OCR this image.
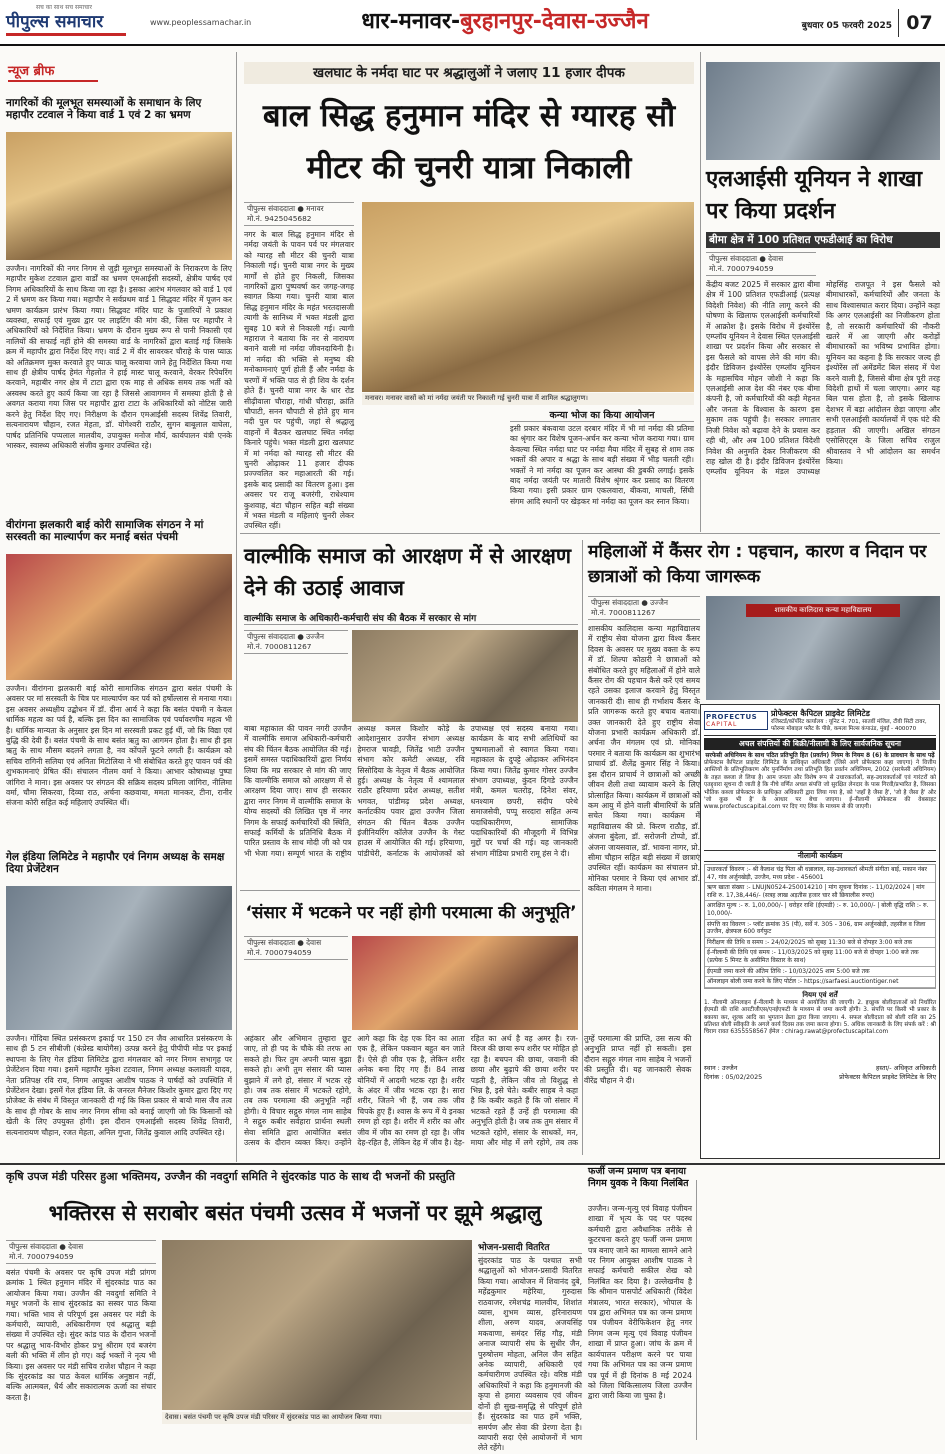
सच का साथ सच समाचार
पीपुल्स समाचार	www.peoplessamachar.in	धार-मनावर-बुरहानपुर-देवास-उज्जैन	बुधवार 05 फरवरी 2025 07
न्यूज ब्रीफ
नागरिकों की मूलभूत समस्याओं के समाधान के लिए महापौर टटवाल ने किया वार्ड 1 एवं 2 का भ्रमण
उज्जैन। नागरिकों की नगर निगम से जुड़ी मूलभूत समस्याओं के निराकरण के लिए महापौर मुकेश टटवाल द्वारा वार्डों का भ्रमण एमआईसी सदस्यों, क्षेत्रीय पार्षद एवं निगम अधिकारियों के साथ किया जा रहा है। इसका आरंभ मंगलवार को वार्ड 1 एवं 2 में भ्रमण कर किया गया। महापौर ने सर्वप्रथम वार्ड 1 सिद्धवट मंदिर में पूजन कर भ्रमण कार्यक्रम प्रारंभ किया गया। सिद्धवट मंदिर घाट के पुजारियों ने प्रकाश व्यवस्था, सफाई एवं मुख्य द्वार पर लाइटिंग की मांग की, जिस पर महापौर ने अधिकारियों को निर्देशित किया। भ्रमण के दौरान मुख्य रूप से पानी निकासी एवं नालियों की सफाई नहीं होने की समस्या वार्ड के नागरिकों द्वारा बताई गई जिसके क्रम में महापौर द्वारा निर्देश दिए गए। वार्ड 2 में वीर सावरकर चौराहे के पास प्याऊ को अतिक्रमण मुक्त करवाते हुए प्याऊ चालू करवाया जाने हेतु निर्देशित किया गया साथ ही क्षेत्रीय पार्षद हेमंत गेहलोत ने हाई मास्ट चालू करवाने, वेरकर रिपेयरिंग करवाने, महाबीर नगर क्षेत्र में टाटा द्वारा एक माह से अधिक समय तक भर्ती को अस्वस्थ करते हुए कार्य किया जा रहा है जिससे आवागमन में समस्या होती है से अवगत कराया गया जिस पर महापौर द्वारा टाटा के अधिकारियों को नोटिस जारी करने हेतु निर्देश दिए गए। निरीक्षण के दौरान एमआईसी सदस्य शिवेंद्र तिवारी, सत्यनारायण चौहान, रजत मेहता, डॉ. योगेश्वरी राठौर, सुगन बाबूलाल वाघेला, पार्षद प्रतिनिधि पप्पलाल मालवीय, उपायुक्त मनोज मौर्य, कार्यपालन यंत्री एनके भास्कर, स्वास्थ्य अधिकारी संजीव कुमार उपस्थित रहे।
वीरांगना झलकारी बाई कोरी सामाजिक संगठन ने मां सरस्वती का माल्यार्पण कर मनाई बसंत पंचमी
उज्जैन। वीरांगना झलकारी बाई कोरी सामाजिक संगठन द्वारा बसंत पंचमी के अवसर पर मां सरस्वती के चित्र पर माल्यार्पण कर पर्व को हर्षोल्लास से मनाया गया। इस अवसर अध्यक्षीय उद्बोधन में डॉ. दीना आर्य ने कहा कि बसंत पंचमी न केवल धार्मिक महत्व का पर्व है, बल्कि इस दिन का सामाजिक एवं पर्यावरणीय महत्व भी है। धार्मिक मान्यता के अनुसार इस दिन मां सरस्वती प्रकट हुई थीं, जो कि विद्या एवं बुद्धि की देवी हैं। बसंत पंचमी के साथ बसंत ऋतु का आगमन होता है। साथ ही इस ऋतु के साथ मौसम बदलने लगता है, नव कोंपलें फूटने लगती हैं। कार्यक्रम को सचिव रागिनी सलिया एवं अनिता मिटोलिया ने भी संबोधित करते हुए पावन पर्व की शुभकामनाएं प्रेषित कीं। संचालन नीलम वर्मा ने किया। आभार कोषाध्यक्ष पुष्पा जांगिरा ने माना। इस अवसर पर संगठन की सक्रिय सदस्य प्रमिला जांगिरा, नीलिमा वर्मा, चौमा सिकरवा, दिव्या राठ, अर्चना कछवाया, ममता मानकर, टीना, रानीर संजना कोरी सहित कई महिलाएं उपस्थित थीं।
गेल इंडिया लिमिटेड ने महापौर एवं निगम अध्यक्ष के समक्ष दिया प्रेजेंटेशन
उज्जैन। गोंदिया स्थित प्रसंस्करण इकाई पर 150 टन जैव आधारित प्रसंस्करण के साथ ही 5 टन सीबीजी (कंप्रेस्ड बायोगैस) उत्पन्न करने हेतु पीपीपी मोड पर इकाई स्थापना के लिए गेल इंडिया लिमिटेड द्वारा मंगलवार को नगर निगम सभागृह पर प्रेजेंटेशन दिया गया। इसमें महापौर मुकेश टटवाल, निगम अध्यक्ष कलावती यादव, नेता प्रतिपक्ष रवि राय, निगम आयुक्त आशीष पाठक ने पार्षदों को उपस्थिति में प्रेजेंटेशन देखा। इसमें गेल इंडिया लि. के जनरल मैनेजर किशोर कुमार द्वारा दिए गए प्रोजेक्ट के संबंध में विस्तृत जानकारी दी गई कि किस प्रकार से बायो मास जैव तत्व के साथ ही गोबर के साथ नगर निगम सीमा को बनाई जाएगी जो कि किसानों को खेती के लिए उपयुक्त होगी। इस दौरान एमआईसी सदस्य शिवेंद्र तिवारी, सत्यनारायण चौहान, रजत मेहता, अनिल गुप्ता, जितेंद्र कुवाल आदि उपस्थित रहे।
खलघाट के नर्मदा घाट पर श्रद्धालुओं ने जलाए 11 हजार दीपक
बाल सिद्ध हनुमान मंदिर से ग्यारह सौ मीटर की चुनरी यात्रा निकाली
पीपुल्स संवाददाता ● मनावर
मो.नं. 9425045682
नगर के बाल सिद्ध हनुमान मंदिर से नर्मदा जयंती के पावन पर्व पर मंगलवार को ग्यारह सौ मीटर की चुनरी यात्रा निकाली गई। चुनरी यात्रा नगर के मुख्य मार्गों से होते हुए निकली, जिसका नागरिकों द्वारा पुष्पवर्षा कर जगह-जगह स्वागत किया गया। चुनरी यात्रा बाल सिद्ध हनुमान मंदिर के महंत भरतदासजी त्यागी के सानिध्य में भक्त मंडली द्वारा सुबह 10 बजे से निकाली गई। त्यागी महाराज ने बताया कि नर से नारायण बनाने वाली मां नर्मदा जीवनदायिनी है। मां नर्मदा की भक्ति से मनुष्य की मनोकामनाएं पूर्ण होती हैं और नर्मदा के चरणों में भक्ति पाठ से ही शिव के दर्शन होते हैं। चुनरी यात्रा नगर के धार रोड सीढ़ीवाला चौराहा, गांधी चौराहा, क्रांति चौपाटी, सनन चौपाटी से होते हुए मान नदी पुल पर पहुंची, जहां से श्रद्धालु वाहनों में बैठकर खलघाट स्थित नर्मदा किनारे पहुंचे। भक्त मंडली द्वारा खलघाट में मां नर्मदा को ग्यारह सौ मीटर की चुनरी ओढ़ाकर 11 हजार दीपक प्रज्ज्वलित कर महाआरती की गई। इसके बाद प्रसादी का वितरण हुआ। इस अवसर पर राजू बजरंगी, राधेश्याम कुशवाह, बंटा चौहान सहित बड़ी संख्या में भक्त मंडली व महिलाएं चुनरी लेकर उपस्थित रहीं।
मनावर। मनावर वासों को मां नर्मदा जयंती पर निकाली गई चुनरी यात्रा में शामिल श्रद्धालुगण।
कन्या भोज का किया आयोजन
इसी प्रकार बंकवाया उटल दरबार मंदिर में भी मां नर्मदा की प्रतिमा का श्रृंगार कर विशेष पूजन-अर्चन कर कन्या भोज कराया गया। ग्राम केवल्या स्थित नर्मदा घाट पर नर्मदा मैया मंदिर में सुबह से शाम तक भक्तों की अपार व श्रद्धा के साथ बड़ी संख्या में भीड़ चलती रही। भक्तों ने मां नर्मदा का पूजन कर आस्था की डुबकी लगाई। इसके बाद नर्मदा जयंती पर मातारी विशेष श्रृंगार कर प्रसाद का वितरण किया गया। इसी प्रकार ग्राम एकलवारा, बीकवा, माचली, सिंघी संगम आदि स्थानों पर खेड़कर मां नर्मदा का पूजन कर स्नान किया।
एलआईसी यूनियन ने शाखा पर किया प्रदर्शन
बीमा क्षेत्र में 100 प्रतिशत एफडीआई का विरोध
पीपुल्स संवाददाता ● देवास
मो.नं. 7000794059
केंद्रीय बजट 2025 में सरकार द्वारा बीमा क्षेत्र में 100 प्रतिशत एफडीआई (प्रत्यक्ष विदेशी निवेश) की नीति लागू करने की घोषणा के खिलाफ एलआईसी कर्मचारियों में आक्रोश है। इसके विरोध में इंश्योरेंस एम्प्लॉय यूनियन ने देवास स्थित एलआईसी शाखा पर प्रदर्शन किया और सरकार से इस फैसले को वापस लेने की मांग की। इंदौर डिविजन इंश्योरेंस एम्प्लॉय यूनियन के महासचिव मोहन जोशी ने कहा कि एलआईसी आज देश की नंबर एक बीमा कंपनी है, जो कर्मचारियों की कड़ी मेहनत और जनता के विश्वास के कारण इस मुकाम तक पहुंची है। सरकार लगातार निजी निवेश को बढ़ावा देने के प्रयास कर रही थी, और अब 100 प्रतिशत विदेशी निवेश की अनुमति देकर निजीकरण की राह खोल दी है। इंदौर डिविजन इंश्योरेंस एम्प्लॉय यूनियन के मंडल उपाध्यक्ष मोहसिंह राजपूत ने इस फैसले को बीमाधारकों, कर्मचारियों और जनता के साथ विश्वासघात करार दिया। उन्होंने कहा कि अगर एलआईसी का निजीकरण होता है, तो सरकारी कर्मचारियों की नौकरी खतरे में आ जाएगी और करोड़ों बीमाधारकों का भविष्य प्रभावित होगा। यूनियन का कहना है कि सरकार जल्द ही इंश्योरेंस लॉ अमेंडमेंट बिल संसद में पेश करने वाली है, जिससे बीमा क्षेत्र पूरी तरह विदेशी हाथों में चला जाएगा। अगर यह बिल पास होता है, तो इसके खिलाफ देशभर में बड़ा आंदोलन छेड़ा जाएगा और सभी एलआईसी कार्यालयों में एक घंटे की हड़ताल की जाएगी। अखिल संगठन एसोसिएट्स के जिला सचिव राजुल श्रीवास्तव ने भी आंदोलन का समर्थन किया।
वाल्मीकि समाज को आरक्षण में से आरक्षण देने की उठाई आवाज
वाल्मीकि समाज के अधिकारी-कर्मचारी संघ की बैठक में सरकार से मांग
पीपुल्स संवाददाता ● उज्जैन
मो.नं. 7000811267
बाबा महाकाल की पावन नगरी उज्जैन में वाल्मीकि समाज अधिकारी-कर्मचारी संघ की चिंतन बैठक आयोजित की गई। इसमें समस्त पदाधिकारियों द्वारा निर्णय लिया कि मप्र सरकार से मांग की जाए कि वाल्मीकि समाज को आरक्षण में से आरक्षण दिया जाए। साथ ही सरकार द्वारा नगर निगम में वाल्मीकि समाज के योग्य सदस्यों की लिखित पृष्ठ में नगर निगम के सफाई कर्मचारियों की स्थिति, सफाई कर्मियों के प्रतिनिधि बैठक में पारित प्रस्ताव के साथ मोदी जी को पत्र भी भेजा गया। सम्पूर्ण भारत के राष्ट्रीय अध्यक्ष कमल किशोर कोड़े के आदेशानुसार उज्जैन संभाग अध्यक्ष हेमराज चावड़ी, जितेंद्र भाटी उज्जैन संभाग कोर कमेटी अध्यक्ष, रवि सिसोदिया के नेतृत्व में बैठक आयोजित हुई। अध्यक्ष के नेतृत्व में श्यामलाल राठौर हरियाणा प्रदेश अध्यक्ष, सतीश भगवत, पांडीमढ़ प्रदेश अध्यक्ष, कर्नाटकीय पवार द्वारा उज्जैन जिला संगठन की चिंतन बैठक उज्जैन इंजीनियरिंग कॉलेज उज्जैन के गेस्ट हाउस में आयोजित की गई। हरियाणा, पांडीचेरी, कर्नाटक के आयोजकों को उपाध्यक्ष एवं सदस्य बनाया गया। कार्यक्रम के बाद सभी अतिथियों का पुष्पमालाओं से स्वागत किया गया। महाकाल के दुपट्टे ओढ़ाकर अभिनंदन किया गया। जितेंद्र कुमार गोसर उज्जैन संभाग उपाध्यक्ष, कुंदन दिगडे उज्जैन मंत्री, कमल चतरोड़, दिनेश संवर, धनश्याम छपरी, संदीप परेथे समाजसेवी, पप्पू सरदारा सहित अन्य पदाधिकारीगण, सामाजिक पदाधिकारियों की मौजूदगी में विभिन्न मुद्दों पर चर्चा की गई। यह जानकारी संभाग मीडिया प्रभारी रामू हंस ने दी।
महिलाओं में कैंसर रोग : पहचान, कारण व निदान पर छात्राओं को किया जागरूक
पीपुल्स संवाददाता ● उज्जैन
मो.नं. 7000811267	शासकीय कालिदास कन्या महाविद्यालय
शासकीय कालिदास कन्या महाविद्यालय में राष्ट्रीय सेवा योजना द्वारा विश्व कैंसर दिवस के अवसर पर मुख्य वक्ता के रूप में डॉ. शिल्पा कोठारी ने छात्राओं को संबोधित करते हुए महिलाओं में होने वाले कैंसर रोग की पहचान कैसे करें एवं समय रहते उसका इलाज करवाने हेतु विस्तृत जानकारी दी। साथ ही गर्भाशय कैंसर के प्रति जागरूक करते हुए बचाव बताया। उक्त जानकारी देते हुए राष्ट्रीय सेवा योजना प्रभारी कार्यक्रम अधिकारी डॉ. अर्चना जैन मंगलम एवं प्रो. मोनिका परमार ने बताया कि कार्यक्रम का शुभारंभ प्राचार्य डॉ. शैलेंद्र कुमार सिंह ने किया। इस दौरान प्राचार्य ने छात्राओं को अच्छी जीवन शैली तथा व्यायाम करने के लिए प्रोत्साहित किया। कार्यक्रम में छात्राओं को कम आयु में होने वाली बीमारियों के प्रति सचेत किया गया। कार्यक्रम में महाविद्यालय की प्रो. किरण राठौड़, डॉ. अंजना बुंदेला, डॉ. सरोजनी टोप्पो, डॉ. अंजना जायसवाल, डॉ. भावना नागर, प्रो. सीमा चौहान सहित बड़ी संख्या में छात्राएं उपस्थित रहीं। कार्यक्रम का संचालन प्रो. मोनिका परमार ने किया एवं आभार डॉ. कविता मंगलम ने माना।
PROFECTUS
CAPITAL
प्रोफेक्टस कैपिटल प्राइवेट लिमिटेड
रजिस्टर्ड/कॉर्पोरेट कार्यालय : यूनिट नं. 701, सातवीं मंजिल, टीवी सिटी टावर, फोरम्स मोबाइल फ्लैट के पीछे, कमला मिल्स कंपाउंड, मुंबई - 400070
अचल संपत्तियों की बिक्री/नीलामी के लिए सार्वजनिक सूचना
सरफेसी अधिनियम के साथ पठित प्रतिभूति हित (प्रवर्तन) नियम के नियम 8 (6) के प्रावधान के साथ पढ़ें
प्रोफेक्टस कैपिटल प्राइवेट लिमिटेड के प्राधिकृत अधिकारी (जिसे आगे प्रोफेक्टस कहा जाएगा) ने वित्तीय आस्तियों के प्रतिभूतिकरण और पुनर्निर्माण तथा प्रतिभूति हित प्रवर्तन अधिनियम, 2002 (सरफेसी अधिनियम) के तहत कब्जा ले लिया है। आम जनता और विशेष रूप से उधारकर्ताओं, सह-उधारकर्ताओं एवं गारंटरों को एतद्द्वारा सूचना दी जाती है कि नीचे वर्णित अचल संपत्ति जो सुरक्षित लेनदार के पास गिरवी/प्रभारित है, जिसका भौतिक कब्जा प्रोफेक्टस के प्राधिकृत अधिकारी द्वारा लिया गया है, को 'जहाँ है जैसा है', 'जो है जैसा है' और 'जो कुछ भी है' के आधार पर बेचा जाएगा। ई-नीलामी प्रोफेक्टस की वेबसाइट www.profectuscapital.com पर दिए गए लिंक के माध्यम से की जाएगी।
नीलामी कार्यक्रम
उधारकर्ता विवरण :- श्री कैलाश चंद्र पिता श्री धन्नालाल, सह-उधारकर्ता श्रीमती संगीता बाई, मकान नंबर 47, गांव अर्जुनखेड़ी, उज्जैन, मध्य प्रदेश - 456001
ऋण खाता संख्या :- LNUJN0524-250014210 | मांग सूचना दिनांक :- 11/02/2024 | मांग राशि रु. 17,38,446/- (सत्रह लाख अड़तीस हजार चार सौ छियालीस रुपए)
आरक्षित मूल्य :- रु. 1,00,000/- | धरोहर राशि (ईएमडी) :- रु. 10,000/- | बोली वृद्धि राशि :- रु. 10,000/-
संपत्ति का विवरण :- प्लॉट क्रमांक 35 (पी), सर्वे नं. 305 - 306, ग्राम अर्जुनखेड़ी, तहसील व जिला उज्जैन, क्षेत्रफल 600 वर्गफुट
निरीक्षण की तिथि व समय :- 24/02/2025 को सुबह 11:30 बजे से दोपहर 3:00 बजे तक
ई-नीलामी की तिथि एवं समय :- 11/03/2025 को सुबह 11:00 बजे से दोपहर 1:00 बजे तक (प्रत्येक 5 मिनट के असीमित विस्तार के साथ)
ईएमडी जमा करने की अंतिम तिथि :- 10/03/2025 शाम 5:00 बजे तक
ऑनलाइन बोली जमा करने के लिए पोर्टल :- https://sarfaesi.auctiontiger.net
नियम एवं शर्तें
1. नीलामी ऑनलाइन ई-नीलामी के माध्यम से आयोजित की जाएगी। 2. इच्छुक बोलीदाताओं को निर्धारित ईएमडी की राशि आरटीजीएस/एनईएफटी के माध्यम से जमा करनी होगी। 3. संपत्ति पर किसी भी प्रकार के बकाया कर, शुल्क आदि का भुगतान क्रेता द्वारा किया जाएगा। 4. सफल बोलीदाता को बोली राशि का 25 प्रतिशत बोली स्वीकृति के अगले कार्य दिवस तक जमा करना होगा। 5. अधिक जानकारी के लिए संपर्क करें : श्री चिराग रावत 6355558567 ईमेल : chirag.rawat@profectuscapital.com
स्थान : उज्जैन
दिनांक : 05/02/2025
हस्ता/- अधिकृत अधिकारी
प्रोफेक्टस कैपिटल प्राइवेट लिमिटेड के लिए
‘संसार में भटकने पर नहीं होगी परमात्मा की अनुभूति’
पीपुल्स संवाददाता ● देवास
मो.नं. 7000794059
अहंकार और अभिमान तुम्हारा छूट जाए, तो ही पद के चौके की तरफ आ सकते हो। फिर तुम अपनी प्यास बुझा सकते हो। अभी तुम संसार की प्यास बुझाने में लगे हो, संसार में भटक रहे हो। जब तक संसार में भटकते रहोगे, तब तक परमात्मा की अनुभूति नहीं होगी। ये विचार सद्गुरु मंगल नाम साहेब ने सद्गुरु कबीर सर्वहारा प्रार्थना स्थली सेवा समिति द्वारा आयोजित बसंत उत्सव के दौरान व्यक्त किए। उन्होंने आगे कहा कि देह एक दिन का आता एक है, लेकिन पकवान बहुत बन जाते हैं। ऐसे ही जीव एक है, लेकिन शरीर अनेक बना दिए गए हैं। 84 लाख योनियों में आदमी भटक रहा है। शरीर के अंदर में जीव भटक रहा है। सारा शरीर, जितने भी हैं, जब तक जीव चिपके हुए हैं। श्वास के रूप में ये इनका रमण हो रहा है। शरीर में शरीर का और जीव में जीव का रमण हो रहा है। जीव देह-रहित है, लेकिन देह में जीव है। देह-रहित का अर्थ है वह अमर है। रज-विरज की छाया रूप शरीर पर मोहित हो रहा है। बचपन की छाया, जवानी की छाया और बुढ़ापे की छाया शरीर पर पड़ती है, लेकिन जीव तो विशुद्ध से भिन्न है, इसे चेते। कबीर साहब ने कहा है कि कबीर कहते हैं कि जो संसार में भटकते रहते हैं उन्हें ही परमात्मा की अनुभूति होती है। जब तक तुम संसार में भटकते रहोगे, संसार के साधकों, मन, माया और मोह में लगे रहोगे, तब तक तुम्हें परमात्मा की प्राप्ति, उस सत्य की अनुभूति प्राप्त नहीं हो सकती। इस दौरान सद्गुरु मंगल नाम साहेब ने भजनों की प्रस्तुति दी। यह जानकारी सेवक वीरेंद्र चौहान ने दी।
फर्जी जन्म प्रमाण पत्र बनाया निगम युवक ने किया निलंबित
उज्जैन। जन्म-मृत्यु एवं विवाह पंजीयन शाखा में भृत्य के पद पर पदस्थ कर्मचारी द्वारा अवैधानिक तरीके से कूटरचना करते हुए फर्जी जन्म प्रमाण पत्र बनाए जाने का मामला सामने आने पर निगम आयुक्त आशीष पाठक ने सफाई कर्मचारी सकील शेख को निलंबित कर दिया है। उल्लेखनीय है कि श्रीमान पासपोर्ट अधिकारी (विदेश मंत्रालय, भारत सरकार), भोपाल के पत्र द्वारा अभिमत पत्र का जन्म प्रमाण पत्र पंजीयन वेरीफिकेशन हेतु नगर निगम जन्म मृत्यु एवं विवाह पंजीयन शाखा में प्राप्त हुआ। जांच के क्रम में कार्यपालन परीक्षण करने पर पाया गया कि अभिमत पत्र का जन्म प्रमाण पत्र पूर्व में ही दिनांक 8 मई 2024 को जिला चिकित्सालय जिला उज्जैन द्वारा जारी किया जा चुका है।
कृषि उपज मंडी परिसर हुआ भक्तिमय, उज्जैन की नवदुर्गा समिति ने सुंदरकांड पाठ के साथ दी भजनों की प्रस्तुति
भक्तिरस से सराबोर बसंत पंचमी उत्सव में भजनों पर झूमे श्रद्धालु
पीपुल्स संवाददाता ● देवास
मो.नं. 7000794059
बसंत पंचमी के अवसर पर कृषि उपज मंडी प्रांगण क्रमांक 1 स्थित हनुमान मंदिर में सुंदरकांड पाठ का आयोजन किया गया। उज्जैन की नवदुर्गा समिति ने मधुर भजनों के साथ सुंदरकांड का सस्वर पाठ किया गया। भक्ति भाव से परिपूर्ण इस अवसर पर मंडी के कर्मचारी, व्यापारी, अधिकारीगण एवं श्रद्धालु बड़ी संख्या में उपस्थित रहे। सुंदर कांड पाठ के दौरान भजनों पर श्रद्धालु भाव-विभोर होकर प्रभु श्रीराम एवं बजरंग बली की भक्ति में लीन हो गए। कई भक्तों ने नृत्य भी किया। इस अवसर पर मंडी सचिव राजेश चौहान ने कहा कि सुंदरकांड का पाठ केवल धार्मिक अनुष्ठान नहीं, बल्कि आत्मबल, धैर्य और सकारात्मक ऊर्जा का संचार करता है।
देवास। बसंत पंचमी पर कृषि उपज मंडी परिसर में सुंदरकांड पाठ का आयोजन किया गया।
भोजन-प्रसादी वितरित
सुंदरकांड पाठ के पश्चात सभी श्रद्धालुओं को भोजन-प्रसादी वितरित किया गया। आयोजन में शिवानंद दुबे, महेंद्रकुमार महेरिया, गुरुदास राठवाजर, रमेशचंद्र मालवीय, शिशांत व्यास, शुभम व्यास, हरिनारायण शीला, अरुण यादव, अजयसिंह मकवाणा, समंदर सिंह गौड़, मंडी अनाज व्यापारी संघ के सुधीर जैन, पुरुषोत्तम मोहता, अनिल जैन सहित अनेक व्यापारी, अधिकारी एवं कर्मचारीगण उपस्थित रहे। वरिष्ठ मंडी अधिकारियों ने कहा कि हनुमानजी की कृपा से हमारा व्यवसाय एवं जीवन दोनों ही सुख-समृद्धि से परिपूर्ण होते हैं। सुंदरकांड का पाठ हमें भक्ति, समर्पण और सेवा की प्रेरणा देता है। व्यापारी सदा ऐसे आयोजनों में भाग लेते रहेंगे।
